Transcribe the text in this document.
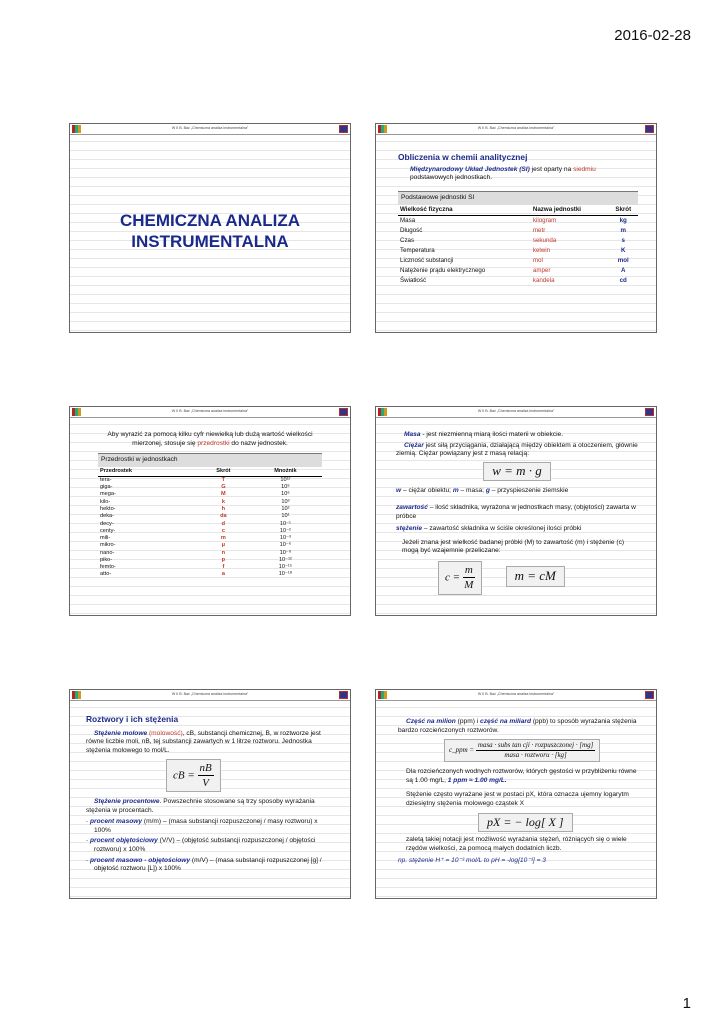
2016-02-28
W II B. Bać „Chemiczna analiza instrumentalna”
CHEMICZNA ANALIZA
INSTRUMENTALNA
W II B. Bać „Chemiczna analiza instrumentalna”
Obliczenia w chemii analitycznej
Międzynarodowy Układ Jednostek (SI) jest oparty na siedmiu
podstawowych jednostkach.
Podstawowe jednostki SI
Wielkość fizyczna	Nazwa jednostki	Skrót
Masa	kilogram	kg
Długość	metr	m
Czas	sekunda	s
Temperatura	kelwin	K
Liczność substancji	mol	mol
Natężenie prądu elektrycznego	amper	A
Światłość	kandela	cd
W II B. Bać „Chemiczna analiza instrumentalna”
Aby wyrazić za pomocą kilku cyfr niewielką lub dużą wartość wielkości mierzonej, stosuje się przedrostki do nazw jednostek.
Przedrostki w jednostkach
Przedrostek	Skrót	Mnożnik
tera-	T	10¹²
giga-	G	10⁹
mega-	M	10⁶
kilo-	k	10³
hekto-	h	10²
deka-	da	10¹
decy-	d	10⁻¹
centy-	c	10⁻²
mili-	m	10⁻³
mikro-	μ	10⁻⁶
nano-	n	10⁻⁹
piko-	p	10⁻¹²
femto-	f	10⁻¹⁵
atto-	a	10⁻¹⁸
W II B. Bać „Chemiczna analiza instrumentalna”
Masa - jest niezmienną miarą ilości materii w obiekcie.
Ciężar jest siłą przyciągania, działającą między obiektem a otoczeniem, głównie ziemią. Ciężar powiązany jest z masą relacją:
w = m · g
w – ciężar obiektu; m – masa; g – przyspieszenie ziemskie
zawartość – ilość składnika, wyrażona w jednostkach masy, (objętości) zawarta w próbce
stężenie – zawartość składnika w ściśle określonej ilości próbki
Jeżeli znana jest wielkość badanej próbki (M) to zawartość (m) i stężenie (c) mogą być wzajemnie przeliczane:
$c = \frac{m}{M}$	m = cM
W II B. Bać „Chemiczna analiza instrumentalna”
Roztwory i ich stężenia
Stężenie molowe (molowość), cB, substancji chemicznej, B, w roztworze jest równe liczbie moli, nB, tej substancji zawartych w 1 litrze roztworu. Jednostka stężenia molowego to mol/L.
cB = $\frac{nB}{V}$
Stężenie procentowe. Powszechnie stosowane są trzy sposoby wyrażania stężenia w procentach.
- procent masowy (m/m) – (masa substancji rozpuszczonej / masy roztworu) x 100%
- procent objętościowy (V/V) – (objętość substancji rozpuszczonej / objętości roztworu) x 100%
- procent masowo - objętościowy (m/V) – (masa substancji rozpuszczonej [g] / objętość roztworu [L]) x 100%
W II B. Bać „Chemiczna analiza instrumentalna”
Część na milion (ppm) i część na miliard (ppb) to sposób wyrażania stężenia bardzo rozcieńczonych roztworów.
c_ppm = $\frac{\text{masa · subs tan cji · rozpuszczonej · [mg]}}{\text{masa · roztworu · [kg]}}$
Dla rozcieńczonych wodnych roztworów, których gęstości w przybliżeniu równe są 1.00 mg/L, 1 ppm ≈ 1.00 mg/L.
Stężenie często wyrażane jest w postaci pX, która oznacza ujemny logarytm dziesiętny stężenia molowego cząstek X
pX = − log[ X ]
zaletą takiej notacji jest możliwość wyrażania stężeń, różniących się o wiele rzędów wielkości, za pomocą małych dodatnich liczb.
np. stężenie H⁺ = 10⁻³ mol/L to pH = -log[10⁻³] = 3
1
